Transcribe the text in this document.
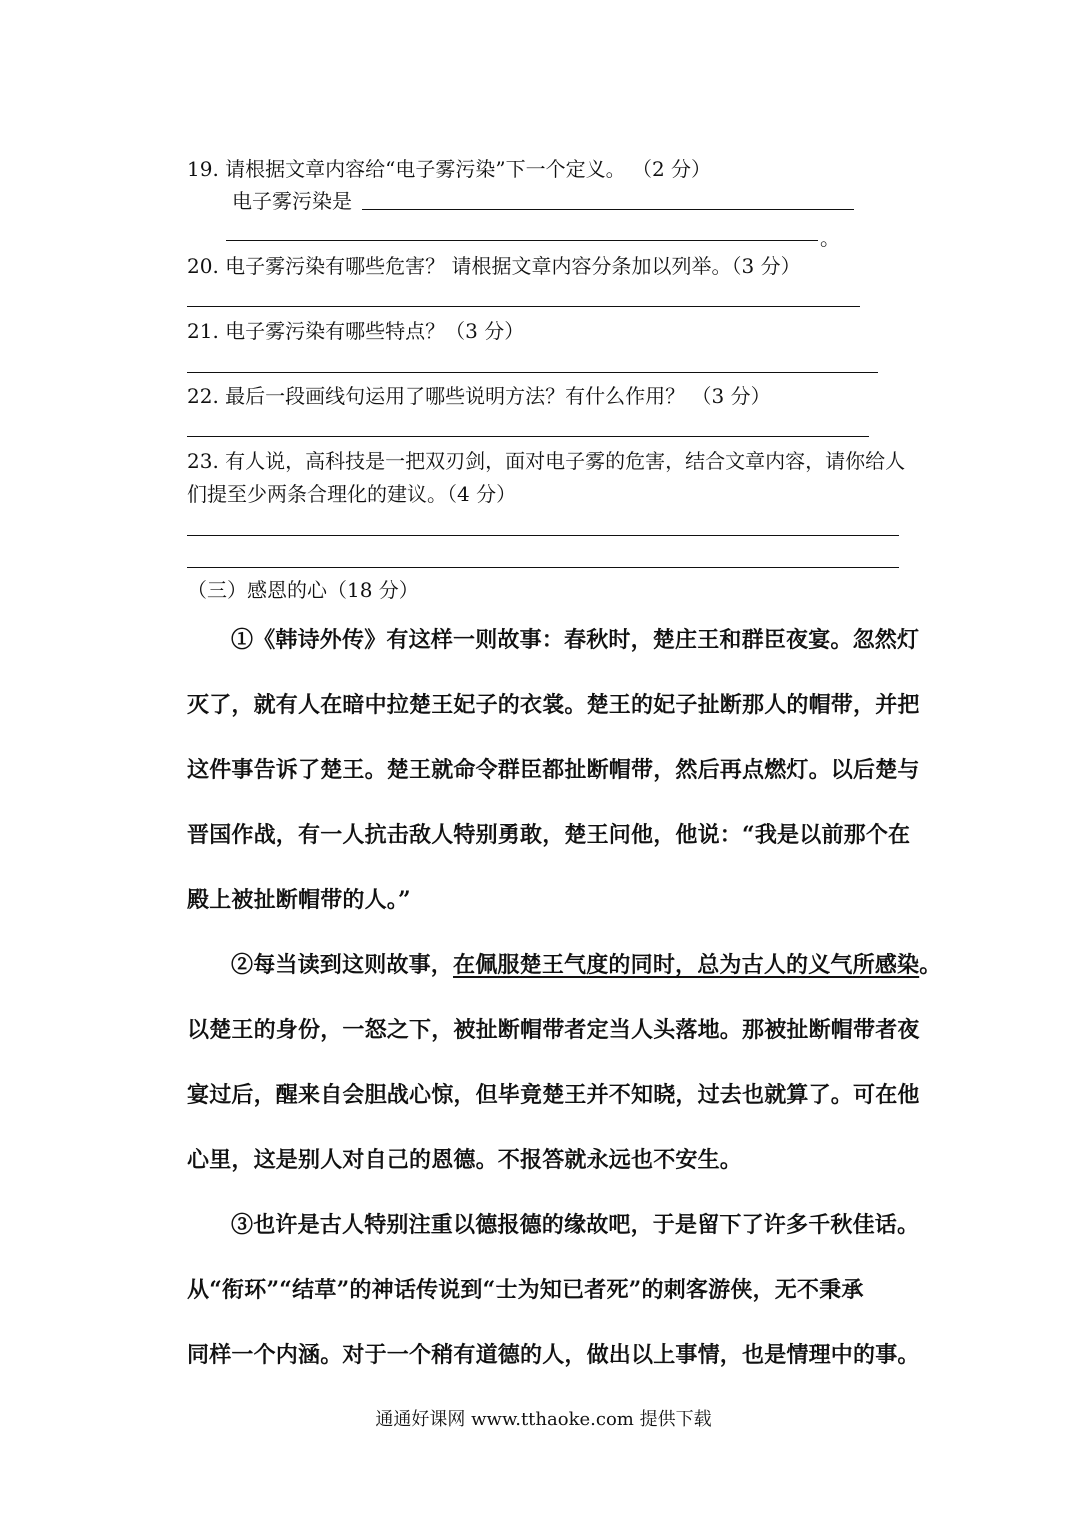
19. 请根据文章内容给“电子雾污染”下一个定义。 （2 分）
电子雾污染是
。
20. 电子雾污染有哪些危害？ 请根据文章内容分条加以列举。（3 分）
21. 电子雾污染有哪些特点？（3 分）
22. 最后一段画线句运用了哪些说明方法？有什么作用？ （3 分）
23. 有人说，高科技是一把双刃剑，面对电子雾的危害，结合文章内容，请你给人
们提至少两条合理化的建议。（4 分）
（三）感恩的心（18 分）
①《韩诗外传》有这样一则故事：春秋时，楚庄王和群臣夜宴。忽然灯
灭了，就有人在暗中拉楚王妃子的衣裳。楚王的妃子扯断那人的帽带，并把
这件事告诉了楚王。楚王就命令群臣都扯断帽带，然后再点燃灯。以后楚与
晋国作战，有一人抗击敌人特别勇敢，楚王问他，他说：“我是以前那个在
殿上被扯断帽带的人。”
②每当读到这则故事，在佩服楚王气度的同时，总为古人的义气所感染。
以楚王的身份，一怒之下，被扯断帽带者定当人头落地。那被扯断帽带者夜
宴过后，醒来自会胆战心惊，但毕竟楚王并不知晓，过去也就算了。可在他
心里，这是别人对自己的恩德。不报答就永远也不安生。
③也许是古人特别注重以德报德的缘故吧，于是留下了许多千秋佳话。
从“衔环”“结草”的神话传说到“士为知已者死”的刺客游侠，无不秉承
同样一个内涵。对于一个稍有道德的人，做出以上事情，也是情理中的事。
通通好课网 www.tthaoke.com 提供下载
